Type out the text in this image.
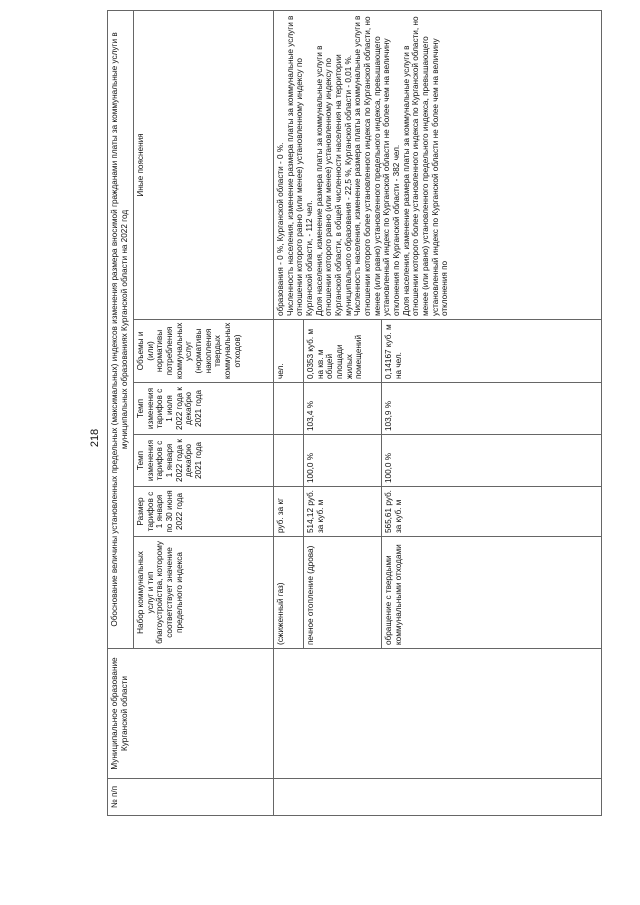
218
№ п/п	Муниципальное образование Курганской области	Обоснование величины установленных предельных (максимальных) индексов изменения размера вносимой гражданами платы за коммунальные услуги в муниципальных образованиях Курганской области на 2022 год					
		Набор коммунальных услуг и тип благоустройства, которому соответствует значение предельного индекса	Размер тарифов с 1 января по 30 июня 2022 года	Темп изменения тарифов с 1 января 2022 года к декабрю 2021 года	Темп изменения тарифов с 1 июля 2022 года к декабрю 2021 года	Объемы и (или) нормативы потребления коммунальных услуг (нормативы накопления твердых коммунальных отходов)	Иные пояснения
		(сжиженный газ)	руб. за кг			чел.	образования - 0 %, Курганской области - 0 %. Численность населения, изменение размера платы за коммунальные услуги в отношении которого равно (или менее) установленному индексу по Курганской области, - 112 чел. Доля населения, изменение размера платы за коммунальные услуги в отношении которого равно (или менее) установленному индексу по Курганской области, в общей численности населения на территории муниципального образования - 22,5 %, Курганской области - 0,01 %. Численность населения, изменение размера платы за коммунальные услуги в отношении которого более установленного индекса по Курганской области, но менее (или равно) установленного предельного индекса, превышающего установленный индекс по Курганской области не более чем на величину отклонения по Курганской области - 382 чел. Доля населения, изменение размера платы за коммунальные услуги в отношении которого более установленного индекса по Курганской области, но менее (или равно) установленного предельного индекса, превышающего установленный индекс по Курганской области не более чем на величину отклонения по

		печное отопление (дрова)	514,12 руб. за куб. м	100,0 %	103,4 %	0,0353 куб. м на кв. м общей площади жилых помещений	
		обращение с твердыми коммунальными отходами	565,61 руб. за куб. м	100,0 %	103,9 %	0,14167 куб. м на чел.	
